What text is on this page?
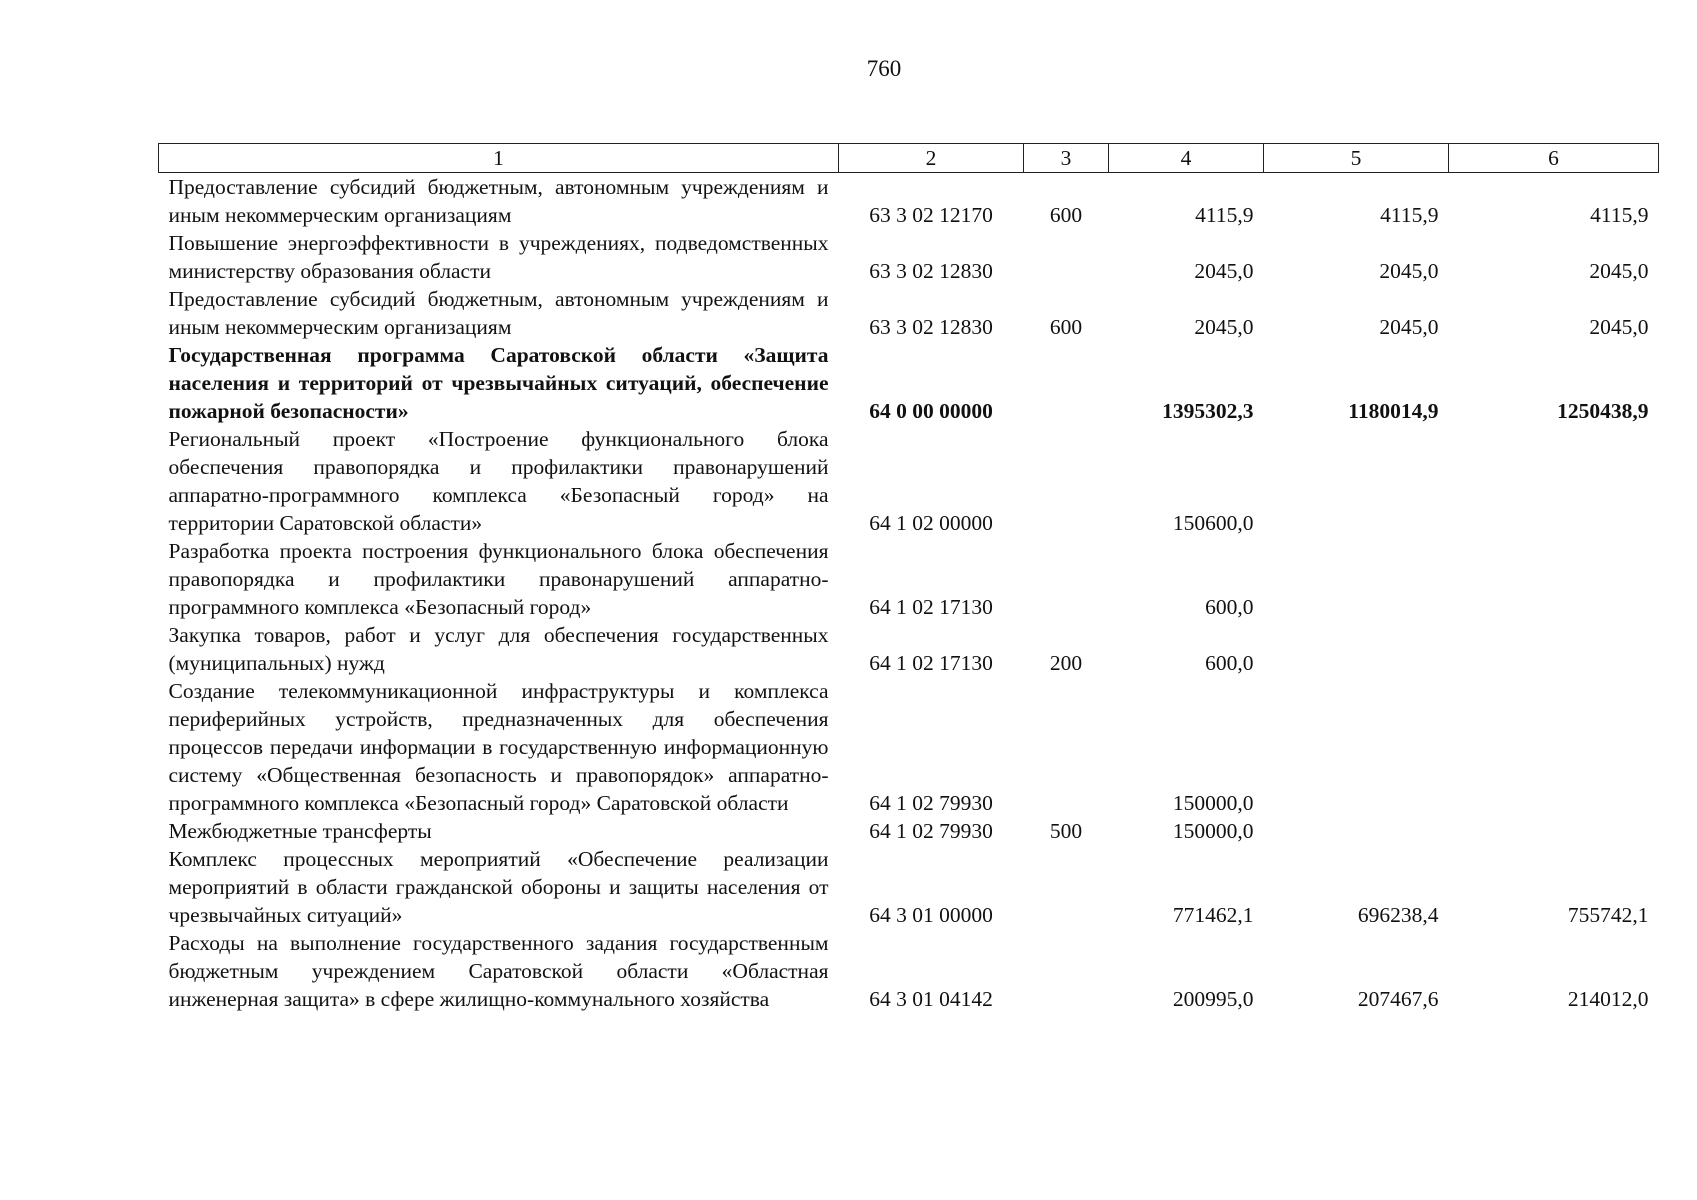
760
1	2	3	4	5	6
Предоставление субсидий бюджетным, автономным учреждениям и иным некоммерческим организациям	63 3 02 12170	600	4115,9	4115,9	4115,9
Повышение энергоэффективности в учреждениях, подведомственных министерству образования области	63 3 02 12830		2045,0	2045,0	2045,0
Предоставление субсидий бюджетным, автономным учреждениям и иным некоммерческим организациям	63 3 02 12830	600	2045,0	2045,0	2045,0
Государственная программа Саратовской области «Защита населения и территорий от чрезвычайных ситуаций, обеспечение пожарной безопасности»	64 0 00 00000		1395302,3	1180014,9	1250438,9
Региональный проект «Построение функционального блока обеспечения правопорядка и профилактики правонарушений аппаратно-программного комплекса «Безопасный город» на территории Саратовской области»	64 1 02 00000		150600,0		
Разработка проекта построения функционального блока обеспечения правопорядка и профилактики правонарушений аппаратно-программного комплекса «Безопасный город»	64 1 02 17130		600,0		
Закупка товаров, работ и услуг для обеспечения государственных (муниципальных) нужд	64 1 02 17130	200	600,0		
Создание телекоммуникационной инфраструктуры и комплекса периферийных устройств, предназначенных для обеспечения процессов передачи информации в государственную информационную систему «Общественная безопасность и правопорядок» аппаратно-программного комплекса «Безопасный город» Саратовской области	64 1 02 79930		150000,0		
Межбюджетные трансферты	64 1 02 79930	500	150000,0		
Комплекс процессных мероприятий «Обеспечение реализации мероприятий в области гражданской обороны и защиты населения от чрезвычайных ситуаций»	64 3 01 00000		771462,1	696238,4	755742,1
Расходы на выполнение государственного задания государственным бюджетным учреждением Саратовской области «Областная инженерная защита» в сфере жилищно-коммунального хозяйства	64 3 01 04142		200995,0	207467,6	214012,0
